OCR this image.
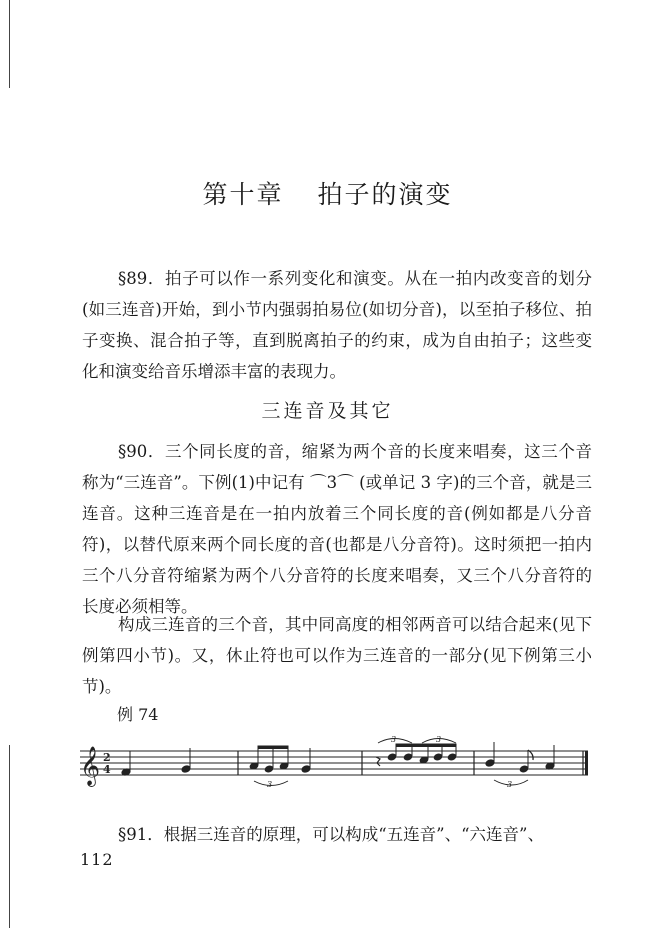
第十章 拍子的演变

§89．拍子可以作一系列变化和演变。从在一拍内改变音的划分(如三连音)开始，到小节内强弱拍易位(如切分音)，以至拍子移位、拍子变换、混合拍子等，直到脱离拍子的约束，成为自由拍子；这些变化和演变给音乐增添丰富的表现力。

三连音及其它

§90．三个同长度的音，缩紧为两个音的长度来唱奏，这三个音称为“三连音”。下例(1)中记有 ⌒3⌒ (或单记 3 字)的三个音，就是三连音。这种三连音是在一拍内放着三个同长度的音(例如都是八分音符)，以替代原来两个同长度的音(也都是八分音符)。这时须把一拍内三个八分音符缩紧为两个八分音符的长度来唱奏，又三个八分音符的长度必须相等。

构成三连音的三个音，其中同高度的相邻两音可以结合起来(见下例第四小节)。又，休止符也可以作为三连音的一部分(见下例第三小节)。

例 74
𝄞 2
4
3
3	3
3

§91．根据三连音的原理，可以构成“五连音”、“六连音”、

112
